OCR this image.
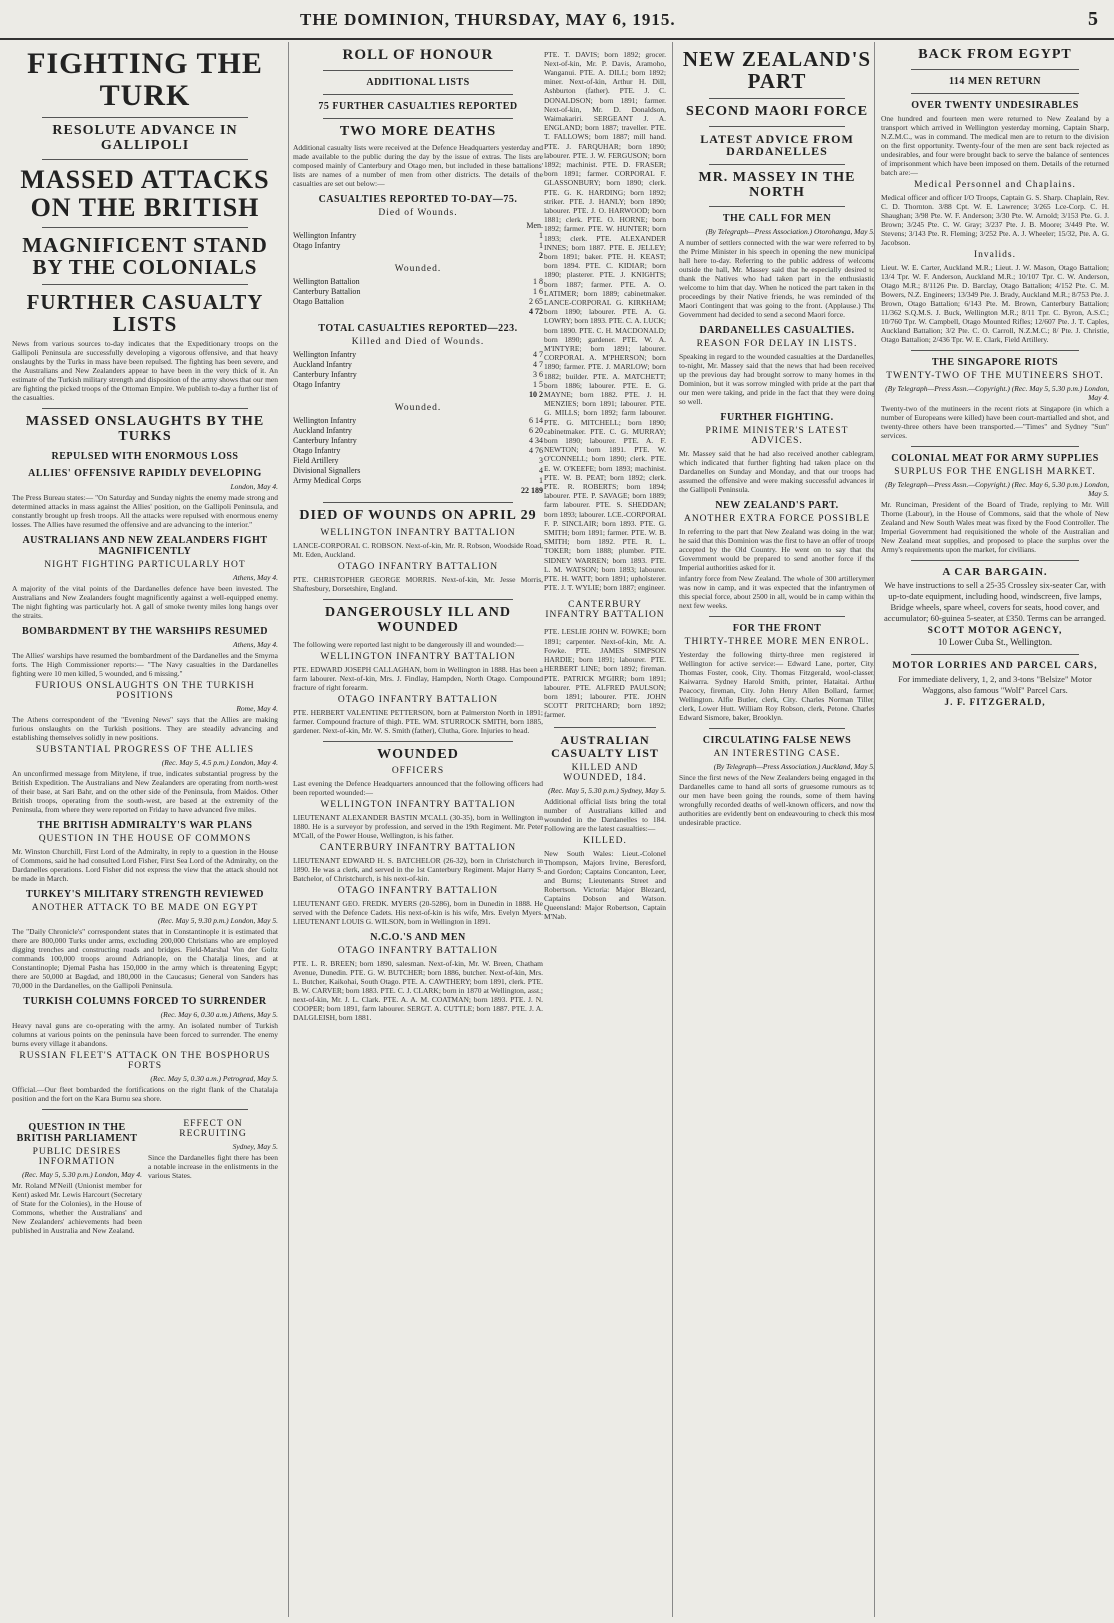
THE DOMINION, THURSDAY, MAY 6, 1915.	5
FIGHTING THE TURK
RESOLUTE ADVANCE IN GALLIPOLI
MASSED ATTACKS ON THE BRITISH
MAGNIFICENT STAND BY THE COLONIALS
FURTHER CASUALTY LISTS

News from various sources to-day indicates that the Expeditionary troops on the Gallipoli Peninsula are successfully developing a vigorous offensive, and that heavy onslaughts by the Turks in mass have been repulsed. The fighting has been severe, and the Australians and New Zealanders appear to have been in the very thick of it. An estimate of the Turkish military strength and disposition of the army shows that our men are fighting the picked troops of the Ottoman Empire. We publish to-day a further list of the casualties.

MASSED ONSLAUGHTS BY THE TURKS
REPULSED WITH ENORMOUS LOSS
ALLIES' OFFENSIVE RAPIDLY DEVELOPING
London, May 4.

The Press Bureau states:— "On Saturday and Sunday nights the enemy made strong and determined attacks in mass against the Allies' position, on the Gallipoli Peninsula, and constantly brought up fresh troops. All the attacks were repulsed with enormous enemy losses. The Allies have resumed the offensive and are advancing to the interior."

AUSTRALIANS AND NEW ZEALANDERS FIGHT MAGNIFICENTLY
NIGHT FIGHTING PARTICULARLY HOT
Athens, May 4.

A majority of the vital points of the Dardanelles defence have been invested. The Australians and New Zealanders fought magnificently against a well-equipped enemy. The night fighting was particularly hot. A gall of smoke twenty miles long hangs over the straits.

BOMBARDMENT BY THE WARSHIPS RESUMED
Athens, May 4.

The Allies' warships have resumed the bombardment of the Dardanelles and the Smyrna forts. The High Commissioner reports:— "The Navy casualties in the Dardanelles fighting were 10 men killed, 5 wounded, and 6 missing."

FURIOUS ONSLAUGHTS ON THE TURKISH POSITIONS
Rome, May 4.

The Athens correspondent of the "Evening News" says that the Allies are making furious onslaughts on the Turkish positions. They are steadily advancing and establishing themselves solidly in new positions.

SUBSTANTIAL PROGRESS OF THE ALLIES
(Rec. May 5, 4.5 p.m.) London, May 4.

An unconfirmed message from Mitylene, if true, indicates substantial progress by the British Expedition. The Australians and New Zealanders are operating from north-west of their base, at Sari Bahr, and on the other side of the Peninsula, from Maidos. Other British troops, operating from the south-west, are based at the extremity of the Peninsula, from where they were reported on Friday to have advanced five miles.

THE BRITISH ADMIRALTY'S WAR PLANS
QUESTION IN THE HOUSE OF COMMONS

Mr. Winston Churchill, First Lord of the Admiralty, in reply to a question in the House of Commons, said he had consulted Lord Fisher, First Sea Lord of the Admiralty, on the Dardanelles operations. Lord Fisher did not express the view that the attack should not be made in March.

TURKEY'S MILITARY STRENGTH REVIEWED
ANOTHER ATTACK TO BE MADE ON EGYPT
(Rec. May 5, 9.30 p.m.) London, May 5.

The "Daily Chronicle's" correspondent states that in Constantinople it is estimated that there are 800,000 Turks under arms, excluding 200,000 Christians who are employed digging trenches and constructing roads and bridges. Field-Marshal Von der Goltz commands 100,000 troops around Adrianople, on the Chatalja lines, and at Constantinople; Djemal Pasha has 150,000 in the army which is threatening Egypt; there are 50,000 at Bagdad, and 180,000 in the Caucasus; General von Sanders has 70,000 in the Dardanelles, on the Gallipoli Peninsula.

TURKISH COLUMNS FORCED TO SURRENDER
(Rec. May 6, 0.30 a.m.) Athens, May 5.

Heavy naval guns are co-operating with the army. An isolated number of Turkish columns at various points on the peninsula have been forced to surrender. The enemy burns every village it abandons.

RUSSIAN FLEET'S ATTACK ON THE BOSPHORUS FORTS
(Rec. May 5, 0.30 a.m.) Petrograd, May 5.

Official.—Our fleet bombarded the fortifications on the right flank of the Chatalaja position and the fort on the Kara Burnu sea shore.

QUESTION IN THE BRITISH PARLIAMENT
PUBLIC DESIRES INFORMATION
(Rec. May 5, 5.30 p.m.) London, May 4.

Mr. Roland M'Neill (Unionist member for Kent) asked Mr. Lewis Harcourt (Secretary of State for the Colonies), in the House of Commons, whether the Australians' and New Zealanders' achievements had been published in Australia and New Zealand.

EFFECT ON RECRUITING
Sydney, May 5.

Since the Dardanelles fight there has been a notable increase in the enlistments in the various States.

ROLL OF HONOUR
ADDITIONAL LISTS
75 FURTHER CASUALTIES REPORTED
TWO MORE DEATHS

Additional casualty lists were received at the Defence Headquarters yesterday and made available to the public during the day by the issue of extras. The lists are composed mainly of Canterbury and Otago men, but included in these battalions' lists are names of a number of men from other districts. The details of the casualties are set out below:—

CASUALTIES REPORTED TO-DAY—75.
Died of Wounds.
Men.
Wellington Infantry	1
Otago Infantry	1
2
Wounded.
Wellington Battalion	1 8
Canterbury Battalion	1 6
Otago Battalion	2 65
4 72
TOTAL CASUALTIES REPORTED—223.
Killed and Died of Wounds.
Wellington Infantry	4 7
Auckland Infantry	4 7
Canterbury Infantry	3 6
Otago Infantry	1 5
10 2
Wounded.
Wellington Infantry	6 14
Auckland Infantry	6 20
Canterbury Infantry	4 34
Otago Infantry	4 76
Field Artillery	3
Divisional Signallers	4
Army Medical Corps	1
22 189
DIED OF WOUNDS ON APRIL 29
WELLINGTON INFANTRY BATTALION

LANCE-CORPORAL C. ROBSON. Next-of-kin, Mr. R. Robson, Woodside Road, Mt. Eden, Auckland.

OTAGO INFANTRY BATTALION

PTE. CHRISTOPHER GEORGE MORRIS. Next-of-kin, Mr. Jesse Morris, Shaftesbury, Dorsetshire, England.

DANGEROUSLY ILL AND WOUNDED

The following were reported last night to be dangerously ill and wounded:—

WELLINGTON INFANTRY BATTALION

PTE. EDWARD JOSEPH CALLAGHAN, born in Wellington in 1888. Has been a farm labourer. Next-of-kin, Mrs. J. Findlay, Hampden, North Otago. Compound fracture of right forearm.

OTAGO INFANTRY BATTALION

PTE. HERBERT VALENTINE PETTERSON, born at Palmerston North in 1891; farmer. Compound fracture of thigh. PTE. WM. STURROCK SMITH, born 1885, gardener. Next-of-kin, Mr. W. S. Smith (father), Clutha, Gore. Injuries to head.

WOUNDED
OFFICERS

Last evening the Defence Headquarters announced that the following officers had been reported wounded:—

WELLINGTON INFANTRY BATTALION

LIEUTENANT ALEXANDER BASTIN M'CALL (30-35), born in Wellington in 1880. He is a surveyor by profession, and served in the 19th Regiment. Mr. Peter M'Call, of the Power House, Wellington, is his father.

CANTERBURY INFANTRY BATTALION

LIEUTENANT EDWARD H. S. BATCHELOR (26-32), born in Christchurch in 1890. He was a clerk, and served in the 1st Canterbury Regiment. Major Harry S. Batchelor, of Christchurch, is his next-of-kin.

OTAGO INFANTRY BATTALION

LIEUTENANT GEO. FREDK. MYERS (20-5286), born in Dunedin in 1888. He served with the Defence Cadets. His next-of-kin is his wife, Mrs. Evelyn Myers. LIEUTENANT LOUIS G. WILSON, born in Wellington in 1891.

N.C.O.'S AND MEN
OTAGO INFANTRY BATTALION

PTE. L. R. BREEN; born 1890, salesman. Next-of-kin, Mr. W. Breen, Chatham Avenue, Dunedin. PTE. G. W. BUTCHER; born 1886, butcher. Next-of-kin, Mrs. L. Butcher, Kaikohai, South Otago. PTE. A. CAWTHERY; born 1891, clerk. PTE. B. W. CARVER; born 1883. PTE. C. J. CLARK; born in 1870 at Wellington, asst.; next-of-kin, Mr. J. L. Clark. PTE. A. A. M. COATMAN; born 1893. PTE. J. N. COOPER; born 1891, farm labourer. SERGT. A. CUTTLE; born 1887. PTE. J. A. DALGLEISH, born 1881.

PTE. T. DAVIS; born 1892; grocer. Next-of-kin, Mr. P. Davis, Aramoho, Wanganui. PTE. A. DILL; born 1892; miner. Next-of-kin, Arthur H. Dill, Ashburton (father). PTE. J. C. DONALDSON; born 1891; farmer. Next-of-kin, Mr. D. Donaldson, Waimakariri. SERGEANT J. A. ENGLAND; born 1887; traveller. PTE. T. FALLOWS; born 1887; mill hand. PTE. J. FARQUHAR; born 1890; labourer. PTE. J. W. FERGUSON; born 1892; machinist. PTE. D. FRASER; born 1891; farmer. CORPORAL F. GLASSONBURY; born 1890; clerk. PTE. G. K. HARDING; born 1892; striker. PTE. J. HANLY; born 1890; labourer. PTE. J. O. HARWOOD; born 1881; clerk. PTE. O. HORNE; born 1892; farmer. PTE. W. HUNTER; born 1893; clerk. PTE. ALEXANDER INNES; born 1887. PTE. E. JELLEY; born 1891; baker. PTE. H. KEAST; born 1894. PTE. C. KIDIAR; born 1890; plasterer. PTE. J. KNIGHTS; born 1887; farmer. PTE. A. O. LATIMER; born 1889; cabinetmaker. LANCE-CORPORAL G. KIRKHAM; born 1890; labourer. PTE. A. G. LOWRY; born 1893. PTE. C. A. LUCK; born 1890. PTE. C. H. MACDONALD; born 1890; gardener. PTE. W. A. M'INTYRE; born 1891; labourer. CORPORAL A. M'PHERSON; born 1890; farmer. PTE. J. MARLOW; born 1882; builder. PTE. A. MATCHETT; born 1886; labourer. PTE. E. G. MAYNE; born 1882. PTE. J. H. MENZIES; born 1891; labourer. PTE. G. MILLS; born 1892; farm labourer. PTE. G. MITCHELL; born 1890; cabinetmaker. PTE. C. G. MURRAY; born 1890; labourer. PTE. A. F. NEWTON; born 1891. PTE. W. O'CONNELL; born 1890; clerk. PTE. E. W. O'KEEFE; born 1893; machinist. PTE. W. B. PEAT; born 1892; clerk. PTE. R. ROBERTS; born 1894; labourer. PTE. P. SAVAGE; born 1889; farm labourer. PTE. S. SHEDDAN; born 1893; labourer. LCE.-CORPORAL F. P. SINCLAIR; born 1893. PTE. G. SMITH; born 1891; farmer. PTE. W. B. SMITH; born 1892. PTE. R. L. TOKER; born 1888; plumber. PTE. SIDNEY WARREN; born 1893. PTE. L. M. WATSON; born 1893; labourer. PTE. H. WATT; born 1891; upholsterer. PTE. J. T. WYLIE; born 1887; engineer.

CANTERBURY INFANTRY BATTALION

PTE. LESLIE JOHN W. FOWKE; born 1891; carpenter. Next-of-kin, Mr. A. Fowke. PTE. JAMES SIMPSON HARDIE; born 1891; labourer. PTE. HERBERT LINE; born 1892; fireman. PTE. PATRICK M'GIRR; born 1891; labourer. PTE. ALFRED PAULSON; born 1891; labourer. PTE. JOHN SCOTT PRITCHARD; born 1892; farmer.

AUSTRALIAN CASUALTY LIST
KILLED AND WOUNDED, 184.
(Rec. May 5, 5.30 p.m.) Sydney, May 5.

Additional official lists bring the total number of Australians killed and wounded in the Dardanelles to 184. Following are the latest casualties:—

KILLED.

New South Wales: Lieut.-Colonel Thompson, Majors Irvine, Beresford, and Gordon; Captains Concanton, Leer, and Burns; Lieutenants Street and Robertson. Victoria: Major Blezard, Captains Dobson and Watson. Queensland: Major Robertson, Captain M'Nab.

NEW ZEALAND'S PART
SECOND MAORI FORCE
LATEST ADVICE FROM DARDANELLES
MR. MASSEY IN THE NORTH
THE CALL FOR MEN
(By Telegraph—Press Association.) Otorohanga, May 5.

A number of settlers connected with the war were referred to by the Prime Minister in his speech in opening the new municipal hall here to-day. Referring to the public address of welcome outside the hall, Mr. Massey said that he especially desired to thank the Natives who had taken part in the enthusiastic welcome to him that day. When he noticed the part taken in the proceedings by their Native friends, he was reminded of the Maori Contingent that was going to the front. (Applause.) The Government had decided to send a second Maori force.

DARDANELLES CASUALTIES.
REASON FOR DELAY IN LISTS.

Speaking in regard to the wounded casualties at the Dardanelles, to-night, Mr. Massey said that the news that had been received up the previous day had brought sorrow to many homes in the Dominion, but it was sorrow mingled with pride at the part that our men were taking, and pride in the fact that they were doing so well.

FURTHER FIGHTING.
PRIME MINISTER'S LATEST ADVICES.

Mr. Massey said that he had also received another cablegram, which indicated that further fighting had taken place on the Dardanelles on Sunday and Monday, and that our troops had assumed the offensive and were making successful advances in the Gallipoli Peninsula.

NEW ZEALAND'S PART.
ANOTHER EXTRA FORCE POSSIBLE

In referring to the part that New Zealand was doing in the war, he said that this Dominion was the first to have an offer of troops accepted by the Old Country. He went on to say that the Government would be prepared to send another force if the Imperial authorities asked for it.

infantry force from New Zealand. The whole of 300 artillerymen was now in camp, and it was expected that the infantrymen of this special force, about 2500 in all, would be in camp within the next few weeks.

FOR THE FRONT
THIRTY-THREE MORE MEN ENROL.

Yesterday the following thirty-three men registered in Wellington for active service:— Edward Lane, porter, City. Thomas Foster, cook, City. Thomas Fitzgerald, wool-classer, Kaiwarra. Sydney Harold Smith, printer, Hataitai. Arthur Peacocy, fireman, City. John Henry Allen Bollard, farmer, Wellington. Alfie Butler, clerk, City. Charles Norman Tiller, clerk, Lower Hutt. William Roy Robson, clerk, Petone. Charles Edward Sismore, baker, Brooklyn.

CIRCULATING FALSE NEWS
AN INTERESTING CASE.
(By Telegraph—Press Association.) Auckland, May 5.

Since the first news of the New Zealanders being engaged in the Dardanelles came to hand all sorts of gruesome rumours as to our men have been going the rounds, some of them having wrongfully recorded deaths of well-known officers, and now the authorities are evidently bent on endeavouring to check this most undesirable practice.

BACK FROM EGYPT
114 MEN RETURN
OVER TWENTY UNDESIRABLES

One hundred and fourteen men were returned to New Zealand by a transport which arrived in Wellington yesterday morning, Captain Sharp, N.Z.M.C., was in command. The medical men are to return to the division on the first opportunity. Twenty-four of the men are sent back rejected as undesirables, and four were brought back to serve the balance of sentences of imprisonment which have been imposed on them. Details of the returned batch are:—

Medical Personnel and Chaplains.

Medical officer and officer I/O Troops, Captain G. S. Sharp. Chaplain, Rev. C. D. Thornton. 3/88 Cpt. W. E. Lawrence; 3/265 Lce-Corp. C. H. Shaughan; 3/98 Pte. W. F. Anderson; 3/30 Pte. W. Arnold; 3/153 Pte. G. J. Brown; 3/245 Pte. C. W. Gray; 3/237 Pte. J. B. Moore; 3/449 Pte. W. Stevens; 3/143 Pte. R. Fleming; 3/252 Pte. A. J. Wheeler; 15/32, Pte. A. G. Jacobson.

Invalids.

Lieut. W. E. Carter, Auckland M.R.; Lieut. J. W. Mason, Otago Battalion; 13/4 Tpr. W. F. Anderson, Auckland M.R.; 10/107 Tpr. C. W. Anderson, Otago M.R.; 8/1126 Pte. D. Barclay, Otago Battalion; 4/152 Pte. C. M. Bowers, N.Z. Engineers; 13/349 Pte. J. Brady, Auckland M.R.; 8/753 Pte. J. Brown, Otago Battalion; 6/143 Pte. M. Brown, Canterbury Battalion; 11/362 S.Q.M.S. J. Buck, Wellington M.R.; 8/11 Tpr. C. Byron, A.S.C.; 10/760 Tpr. W. Campbell, Otago Mounted Rifles; 12/607 Pte. J. T. Caples, Auckland Battalion; 3/2 Pte. C. O. Carroll, N.Z.M.C.; 8/ Pte. J. Christie, Otago Battalion; 2/436 Tpr. W. E. Clark, Field Artillery.

THE SINGAPORE RIOTS
TWENTY-TWO OF THE MUTINEERS SHOT.
(By Telegraph—Press Assn.—Copyright.) (Rec. May 5, 5.30 p.m.) London, May 4.

Twenty-two of the mutineers in the recent riots at Singapore (in which a number of Europeans were killed) have been court-martialled and shot, and twenty-three others have been transported.—"Times" and Sydney "Sun" services.

COLONIAL MEAT FOR ARMY SUPPLIES
SURPLUS FOR THE ENGLISH MARKET.
(By Telegraph—Press Assn.—Copyright.) (Rec. May 6, 5.30 p.m.) London, May 5.

Mr. Runciman, President of the Board of Trade, replying to Mr. Will Thorne (Labour), in the House of Commons, said that the whole of New Zealand and New South Wales meat was fixed by the Food Controller. The Imperial Government had requisitioned the whole of the Australian and New Zealand meat supplies, and proposed to place the surplus over the Army's requirements upon the market, for civilians.

A CAR BARGAIN.
We have instructions to sell a 25-35 Crossley six-seater Car, with up-to-date equipment, including hood, windscreen, five lamps, Bridge wheels, spare wheel, covers for seats, hood cover, and accumulator; 60-guinea 5-seater, at £350. Terms can be arranged.
SCOTT MOTOR AGENCY,
10 Lower Cuba St., Wellington.
MOTOR LORRIES AND PARCEL CARS,
For immediate delivery, 1, 2, and 3-tons "Belsize" Motor Waggons, also famous "Wolf" Parcel Cars.
J. F. FITZGERALD,
